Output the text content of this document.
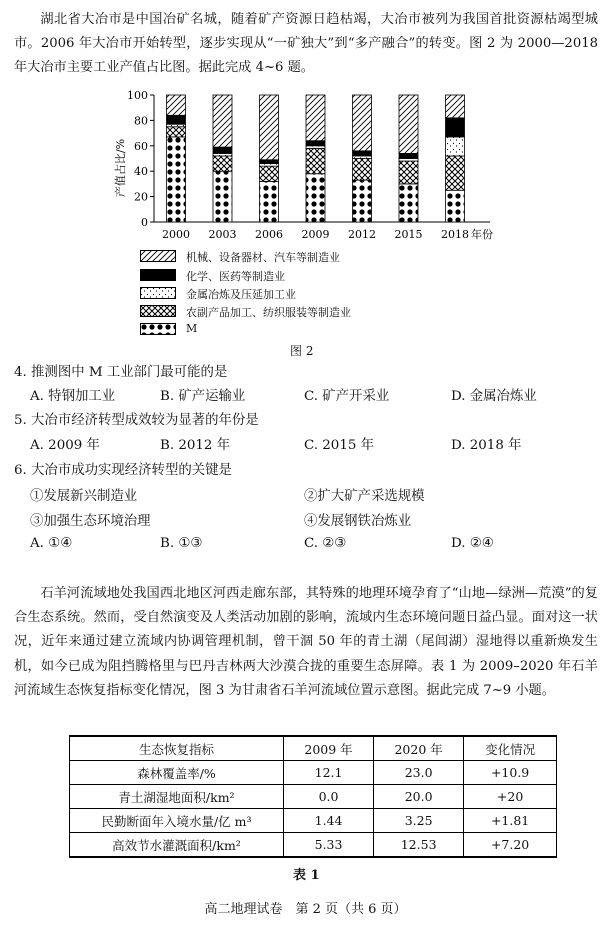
湖北省大冶市是中国冶矿名城，随着矿产资源日趋枯竭，大冶市被列为我国首批资源枯竭型城市。2006 年大冶市开始转型，逐步实现从“一矿独大”到“多产融合”的转变。图 2 为 2000—2018 年大冶市主要工业产值占比图。据此完成 4~6 题。

产值占比/%
0
20
40
60
80
100
2000 2003 2006 2009 2012 2015 2018 年份
机械、设备器材、汽车等制造业
化学、医药等制造业
金属冶炼及压延加工业
农副产品加工、纺织服装等制造业
M
图 2
4. 推测图中 M 工业部门最可能的是
A. 特钢加工业	B. 矿产运输业	C. 矿产开采业	D. 金属冶炼业
5. 大冶市经济转型成效较为显著的年份是
A. 2009 年	B. 2012 年	C. 2015 年	D. 2018 年
6. 大冶市成功实现经济转型的关键是
①发展新兴制造业	②扩大矿产采选规模
③加强生态环境治理	④发展钢铁冶炼业
A. ①④	B. ①③	C. ②③	D. ②④

石羊河流域地处我国西北地区河西走廊东部，其特殊的地理环境孕育了“山地—绿洲—荒漠”的复合生态系统。然而，受自然演变及人类活动加剧的影响，流域内生态环境问题日益凸显。面对这一状况，近年来通过建立流域内协调管理机制，曾干涸 50 年的青土湖（尾闾湖）湿地得以重新焕发生机，如今已成为阻挡腾格里与巴丹吉林两大沙漠合拢的重要生态屏障。表 1 为 2009–2020 年石羊河流域生态恢复指标变化情况，图 3 为甘肃省石羊河流域位置示意图。据此完成 7~9 小题。

生态恢复指标	2009 年	2020 年	变化情况
森林覆盖率/%	12.1	23.0	+10.9
青土湖湿地面积/km²	0.0	20.0	+20
民勤断面年入境水量/亿 m³	1.44	3.25	+1.81
高效节水灌溉面积/km²	5.33	12.53	+7.20
表 1
高二地理试卷　第 2 页（共 6 页）
